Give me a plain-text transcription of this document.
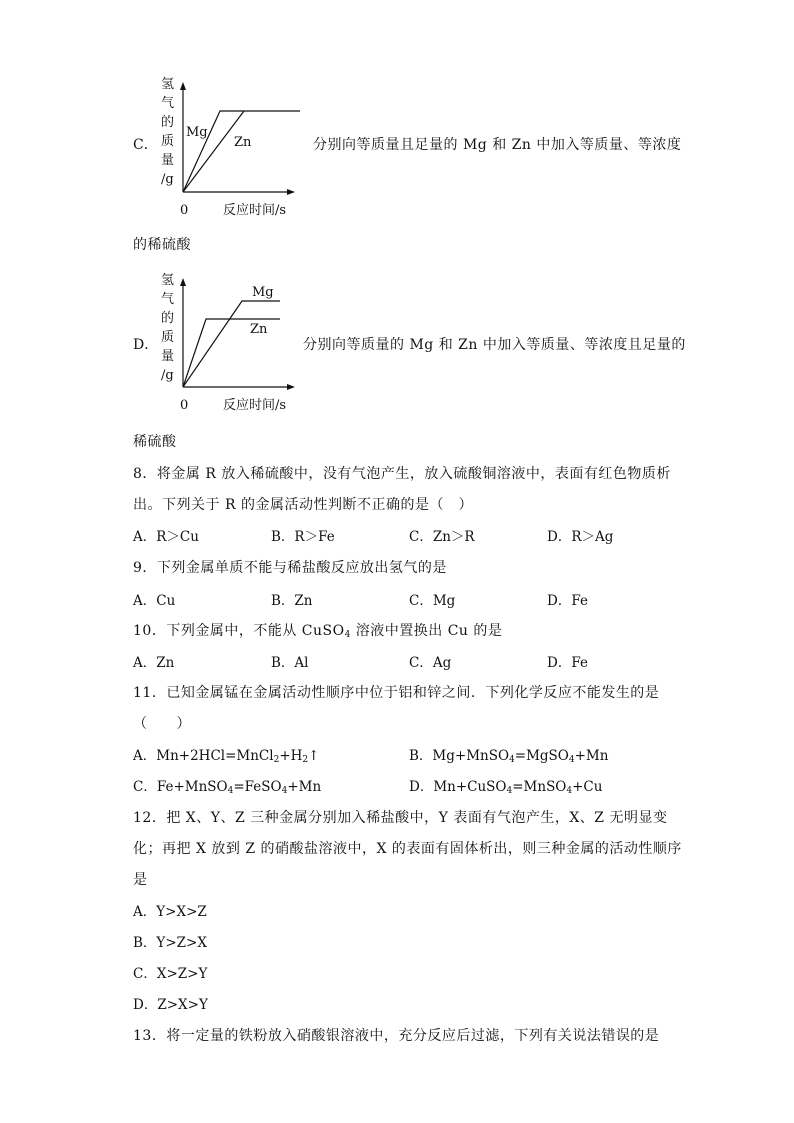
C．
氢
气
的
质
量
/g
0	反应时间/s
Mg
Zn	分别向等质量且足量的 Mg 和 Zn 中加入等质量、等浓度
的稀硫酸
D．
氢
气
的
质
量
/g
0	反应时间/s
Mg
Zn
分别向等质量的 Mg 和 Zn 中加入等质量、等浓度且足量的
稀硫酸
8．将金属 R 放入稀硫酸中，没有气泡产生，放入硫酸铜溶液中，表面有红色物质析
出。下列关于 R 的金属活动性判断不正确的是（　）
A．R＞Cu	B．R＞Fe	C．Zn＞R	D．R＞Ag
9．下列金属单质不能与稀盐酸反应放出氢气的是
A．Cu	B．Zn	C．Mg	D．Fe
10．下列金属中，不能从 CuSO$_4$ 溶液中置换出 Cu 的是
A．Zn	B．Al	C．Ag	D．Fe
11．已知金属锰在金属活动性顺序中位于铝和锌之间．下列化学反应不能发生的是
（　　）
A．$Mn+2HCl=MnCl_2+H_2↑$	B．Mg+MnSO$_4$=MgSO$_4$+Mn
C．Fe+MnSO$_4$=FeSO$_4$+Mn	D．Mn+CuSO$_4$=MnSO$_4$+Cu
12．把 X、Y、Z 三种金属分别加入稀盐酸中，Y 表面有气泡产生，X、Z 无明显变
化；再把 X 放到 Z 的硝酸盐溶液中，X 的表面有固体析出，则三种金属的活动性顺序
是
A．Y>X>Z
B．Y>Z>X
C．X>Z>Y
D．Z>X>Y
13．将一定量的铁粉放入硝酸银溶液中，充分反应后过滤，下列有关说法错误的是
